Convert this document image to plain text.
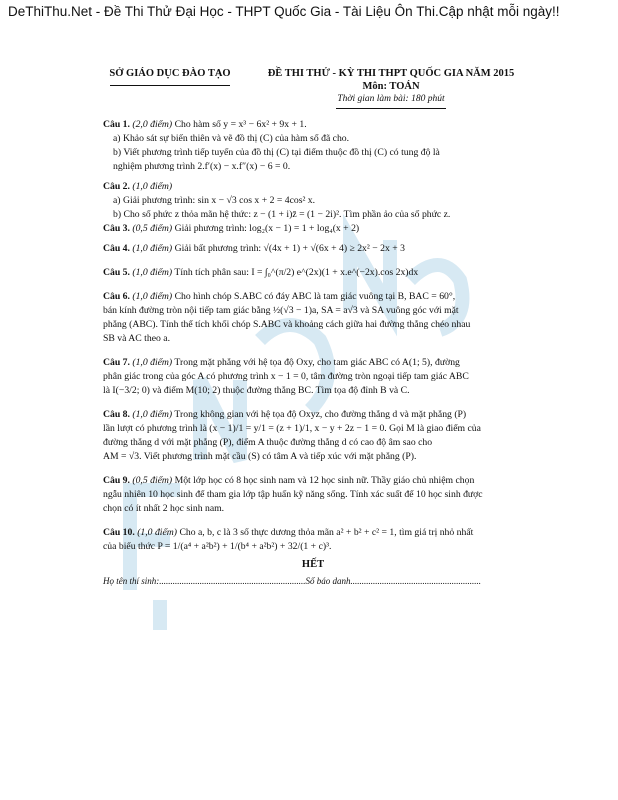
DeThiThu.Net - Đề Thi Thử Đại Học - THPT Quốc Gia - Tài Liệu Ôn Thi.Cập nhật mỗi ngày!!
SỞ GIÁO DỤC ĐÀO TẠO	ĐỀ THI THỬ - KỲ THI THPT QUỐC GIA NĂM 2015
Môn: TOÁN
Thời gian làm bài: 180 phút

Câu 1. (2,0 điểm) Cho hàm số y = x³ − 6x² + 9x + 1.

a) Khảo sát sự biến thiên và vẽ đồ thị (C) của hàm số đã cho.

b) Viết phương trình tiếp tuyến của đồ thị (C) tại điểm thuộc đồ thị (C) có tung độ là

nghiệm phương trình 2.f′(x) − x.f″(x) − 6 = 0.

Câu 2. (1,0 điểm)

a) Giải phương trình: sin x − √3 cos x + 2 = 4cos² x.

b) Cho số phức z thỏa mãn hệ thức: z − (1 + i)z̄ = (1 − 2i)². Tìm phần ảo của số phức z.

Câu 3. (0,5 điểm) Giải phương trình: log₂(x − 1) = 1 + log₄(x + 2)

Câu 4. (1,0 điểm) Giải bất phương trình: √(4x + 1) + √(6x + 4) ≥ 2x² − 2x + 3

Câu 5. (1,0 điểm) Tính tích phân sau: I = ∫₀^(π/2) e^(2x)(1 + x.e^(−2x).cos 2x)dx

Câu 6. (1,0 điểm) Cho hình chóp S.ABC có đáy ABC là tam giác vuông tại B, BAC = 60°,

bán kính đường tròn nội tiếp tam giác bằng ½(√3 − 1)a, SA = a√3 và SA vuông góc với mặt

phẳng (ABC). Tính thể tích khối chóp S.ABC và khoảng cách giữa hai đường thẳng chéo nhau

SB và AC theo a.

Câu 7. (1,0 điểm) Trong mặt phẳng với hệ tọa độ Oxy, cho tam giác ABC có A(1; 5), đường

phân giác trong của góc A có phương trình x − 1 = 0, tâm đường tròn ngoại tiếp tam giác ABC

là I(−3/2; 0) và điểm M(10; 2) thuộc đường thẳng BC. Tìm tọa độ đỉnh B và C.

Câu 8. (1,0 điểm) Trong không gian với hệ tọa độ Oxyz, cho đường thẳng d và mặt phẳng (P)

lần lượt có phương trình là (x − 1)/1 = y/1 = (z + 1)/1, x − y + 2z − 1 = 0. Gọi M là giao điểm của

đường thẳng d với mặt phẳng (P), điểm A thuộc đường thẳng d có cao độ âm sao cho

AM = √3. Viết phương trình mặt cầu (S) có tâm A và tiếp xúc với mặt phẳng (P).

Câu 9. (0,5 điểm) Một lớp học có 8 học sinh nam và 12 học sinh nữ. Thầy giáo chủ nhiệm chọn

ngẫu nhiên 10 học sinh để tham gia lớp tập huấn kỹ năng sống. Tính xác suất để 10 học sinh được

chọn có ít nhất 2 học sinh nam.

Câu 10. (1,0 điểm) Cho a, b, c là 3 số thực dương thỏa mãn a² + b² + c² = 1, tìm giá trị nhỏ nhất

của biểu thức P = 1/(a⁴ + a²b²) + 1/(b⁴ + a²b²) + 32/(1 + c)³.

HẾT
Họ tên thí sinh:.................................................................Số báo danh..........................................................
